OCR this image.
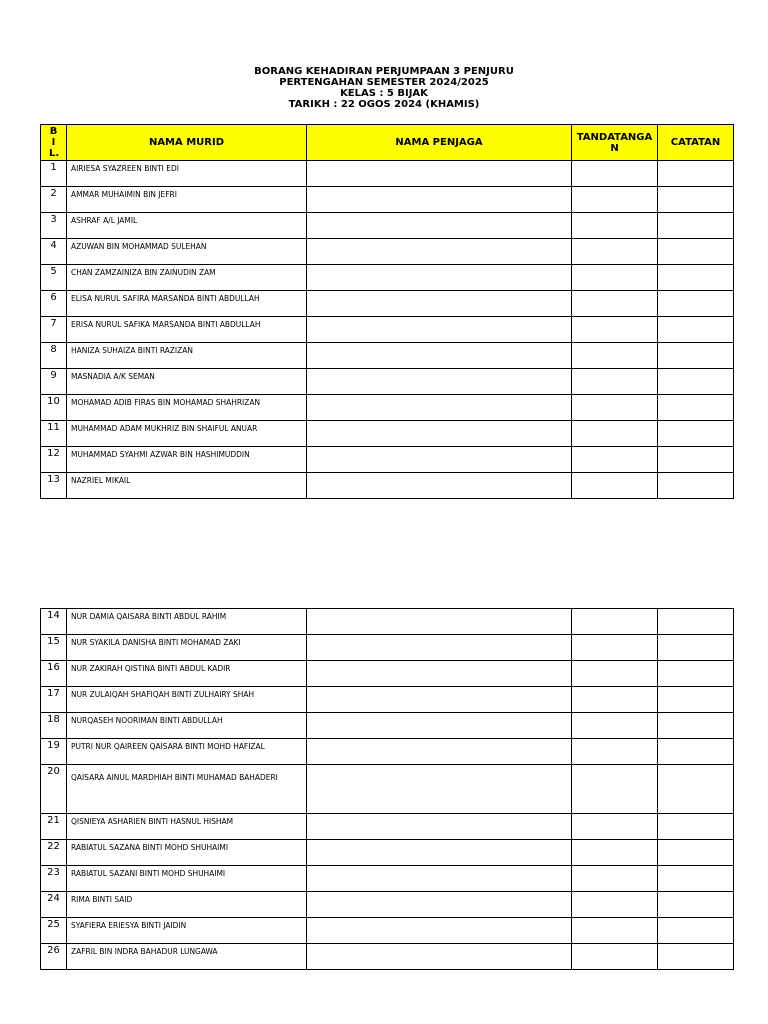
BORANG KEHADIRAN PERJUMPAAN 3 PENJURU
PERTENGAHAN SEMESTER 2024/2025
KELAS : 5 BIJAK
TARIKH : 22 OGOS 2024 (KHAMIS)
BIL.	NAMA MURID	NAMA PENJAGA	TANDATANGAN	CATATAN
1	AIRIESA SYAZREEN BINTI EDI			
2	AMMAR MUHAIMIN BIN JEFRI			
3	ASHRAF A/L JAMIL			
4	AZUWAN BIN MOHAMMAD SULEHAN			
5	CHAN ZAMZAINIZA BIN ZAINUDIN ZAM			
6	ELISA NURUL SAFIRA MARSANDA BINTI ABDULLAH			
7	ERISA NURUL SAFIKA MARSANDA BINTI ABDULLAH			
8	HANIZA SUHAIZA BINTI RAZIZAN			
9	MASNADIA A/K SEMAN			
10	MOHAMAD ADIB FIRAS BIN MOHAMAD SHAHRIZAN			
11	MUHAMMAD ADAM MUKHRIZ BIN SHAIFUL ANUAR			
12	MUHAMMAD SYAHMI AZWAR BIN HASHIMUDDIN			
13	NAZRIEL MIKAIL			
14	NUR DAMIA QAISARA BINTI ABDUL RAHIM			
15	NUR SYAKILA DANISHA BINTI MOHAMAD ZAKI			
16	NUR ZAKIRAH QISTINA BINTI ABDUL KADIR			
17	NUR ZULAIQAH SHAFIQAH BINTI ZULHAIRY SHAH			
18	NURQASEH NOORIMAN BINTI ABDULLAH			
19	PUTRI NUR QAIREEN QAISARA BINTI MOHD HAFIZAL			
20	QAISARA AINUL MARDHIAH BINTI MUHAMAD BAHADERI			
21	QISNIEYA ASHARIEN BINTI HASNUL HISHAM			
22	RABIATUL SAZANA BINTI MOHD SHUHAIMI			
23	RABIATUL SAZANI BINTI MOHD SHUHAIMI			
24	RIMA BINTI SAID			
25	SYAFIERA ERIESYA BINTI JAIDIN			
26	ZAFRIL BIN INDRA BAHADUR LUNGAWA			
